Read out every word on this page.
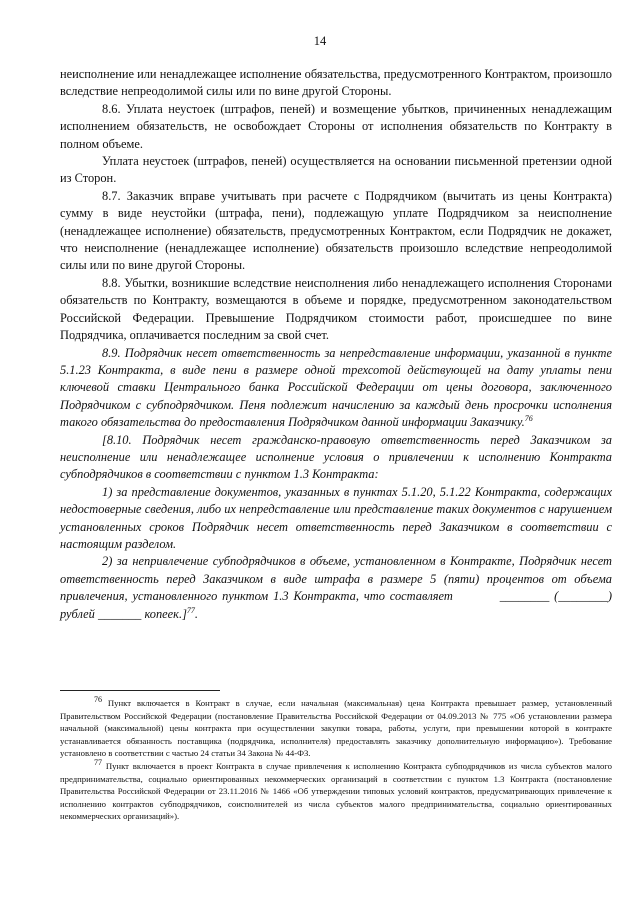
14

неисполнение или ненадлежащее исполнение обязательства, предусмотренного Контрактом, произошло вследствие непреодолимой силы или по вине другой Стороны.

8.6. Уплата неустоек (штрафов, пеней) и возмещение убытков, причиненных ненадлежащим исполнением обязательств, не освобождает Стороны от исполнения обязательств по Контракту в полном объеме.

Уплата неустоек (штрафов, пеней) осуществляется на основании письменной претензии одной из Сторон.

8.7. Заказчик вправе учитывать при расчете с Подрядчиком (вычитать из цены Контракта) сумму в виде неустойки (штрафа, пени), подлежащую уплате Подрядчиком за неисполнение (ненадлежащее исполнение) обязательств, предусмотренных Контрактом, если Подрядчик не докажет, что неисполнение (ненадлежащее исполнение) обязательств произошло вследствие непреодолимой силы или по вине другой Стороны.

8.8. Убытки, возникшие вследствие неисполнения либо ненадлежащего исполнения Сторонами обязательств по Контракту, возмещаются в объеме и порядке, предусмотренном законодательством Российской Федерации. Превышение Подрядчиком стоимости работ, происшедшее по вине Подрядчика, оплачивается последним за свой счет.

8.9. Подрядчик несет ответственность за непредставление информации, указанной в пункте 5.1.23 Контракта, в виде пени в размере одной трехсотой действующей на дату уплаты пени ключевой ставки Центрального банка Российской Федерации от цены договора, заключенного Подрядчиком с субподрядчиком. Пеня подлежит начислению за каждый день просрочки исполнения такого обязательства до предоставления Подрядчиком данной информации Заказчику.$^{76}$

[8.10. Подрядчик несет гражданско-правовую ответственность перед Заказчиком за неисполнение или ненадлежащее исполнение условия о привлечении к исполнению Контракта субподрядчиков в соответствии с пунктом 1.3 Контракта:

1) за представление документов, указанных в пунктах 5.1.20, 5.1.22 Контракта, содержащих недостоверные сведения, либо их непредставление или представление таких документов с нарушением установленных сроков Подрядчик несет ответственность перед Заказчиком в соответствии с настоящим разделом.

2) за непривлечение субподрядчиков в объеме, установленном в Контракте, Подрядчик несет ответственность перед Заказчиком в виде штрафа в размере 5 (пяти) процентов от объема привлечения, установленного пунктом 1.3 Контракта, что составляет	________ (________) рублей _______ копеек.]$^{77}$.

$^{76}$ Пункт включается в Контракт в случае, если начальная (максимальная) цена Контракта превышает размер, установленный Правительством Российской Федерации (постановление Правительства Российской Федерации от 04.09.2013 № 775 «Об установлении размера начальной (максимальной) цены контракта при осуществлении закупки товара, работы, услуги, при превышении которой в контракте устанавливается обязанность поставщика (подрядчика, исполнителя) предоставлять заказчику дополнительную информацию»). Требование установлено в соответствии с частью 24 статьи 34 Закона № 44-ФЗ.

$^{77}$ Пункт включается в проект Контракта в случае привлечения к исполнению Контракта субподрядчиков из числа субъектов малого предпринимательства, социально ориентированных некоммерческих организаций в соответствии с пунктом 1.3 Контракта (постановление Правительства Российской Федерации от 23.11.2016 № 1466 «Об утверждении типовых условий контрактов, предусматривающих привлечение к исполнению контрактов субподрядчиков, соисполнителей из числа субъектов малого предпринимательства, социально ориентированных некоммерческих организаций»).
